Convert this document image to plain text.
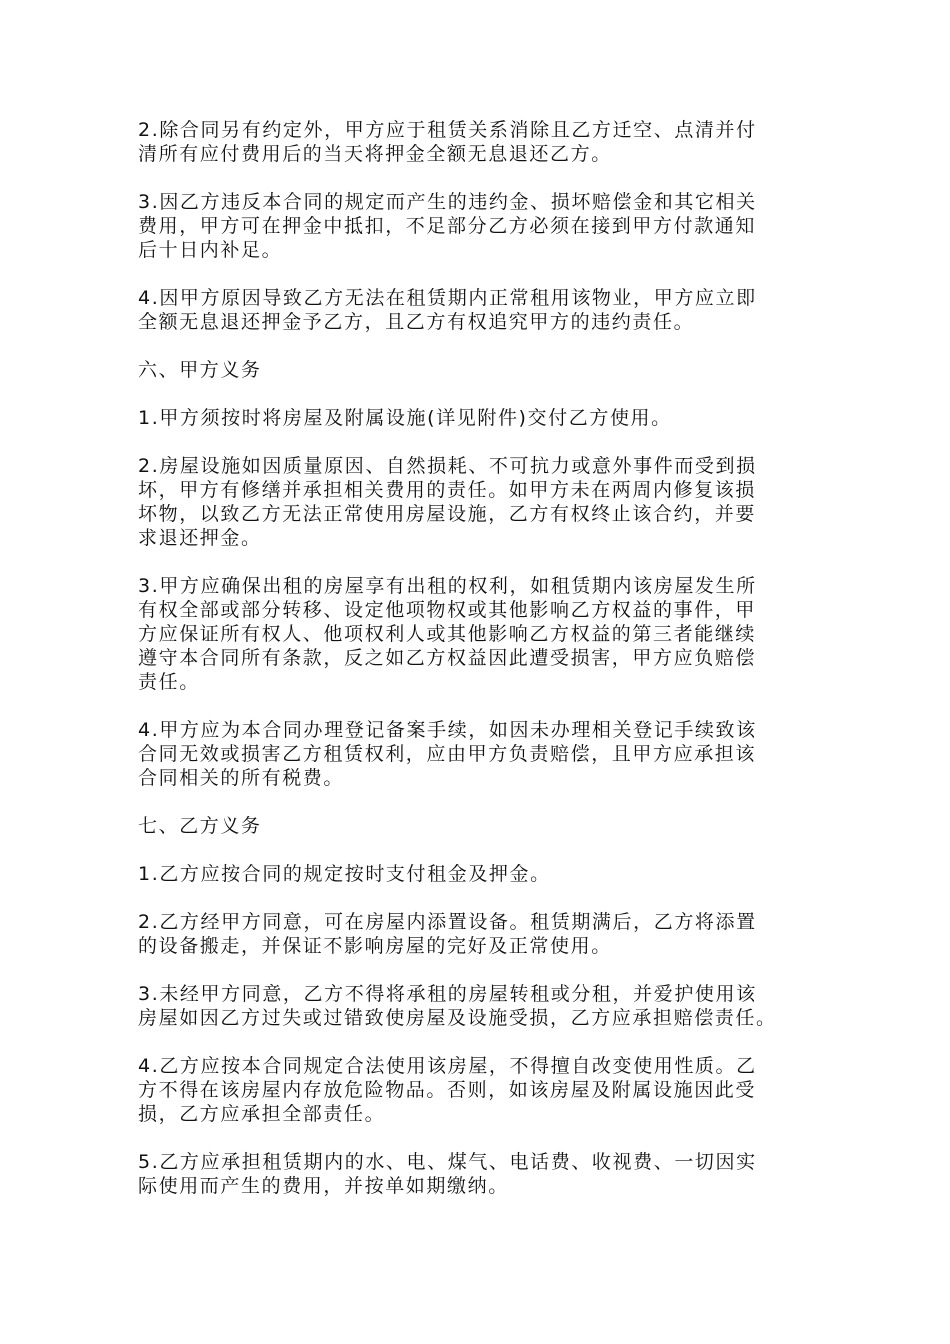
2.除合同另有约定外，甲方应于租赁关系消除且乙方迁空、点清并付
清所有应付费用后的当天将押金全额无息退还乙方。
3.因乙方违反本合同的规定而产生的违约金、损坏赔偿金和其它相关
费用，甲方可在押金中抵扣，不足部分乙方必须在接到甲方付款通知
后十日内补足。
4.因甲方原因导致乙方无法在租赁期内正常租用该物业，甲方应立即
全额无息退还押金予乙方，且乙方有权追究甲方的违约责任。
六、甲方义务
1.甲方须按时将房屋及附属设施(详见附件)交付乙方使用。
2.房屋设施如因质量原因、自然损耗、不可抗力或意外事件而受到损
坏，甲方有修缮并承担相关费用的责任。如甲方未在两周内修复该损
坏物，以致乙方无法正常使用房屋设施，乙方有权终止该合约，并要
求退还押金。
3.甲方应确保出租的房屋享有出租的权利，如租赁期内该房屋发生所
有权全部或部分转移、设定他项物权或其他影响乙方权益的事件，甲
方应保证所有权人、他项权利人或其他影响乙方权益的第三者能继续
遵守本合同所有条款，反之如乙方权益因此遭受损害，甲方应负赔偿
责任。
4.甲方应为本合同办理登记备案手续，如因未办理相关登记手续致该
合同无效或损害乙方租赁权利，应由甲方负责赔偿，且甲方应承担该
合同相关的所有税费。
七、乙方义务
1.乙方应按合同的规定按时支付租金及押金。
2.乙方经甲方同意，可在房屋内添置设备。租赁期满后，乙方将添置
的设备搬走，并保证不影响房屋的完好及正常使用。
3.未经甲方同意，乙方不得将承租的房屋转租或分租，并爱护使用该
房屋如因乙方过失或过错致使房屋及设施受损，乙方应承担赔偿责任。
4.乙方应按本合同规定合法使用该房屋，不得擅自改变使用性质。乙
方不得在该房屋内存放危险物品。否则，如该房屋及附属设施因此受
损，乙方应承担全部责任。
5.乙方应承担租赁期内的水、电、煤气、电话费、收视费、一切因实
际使用而产生的费用，并按单如期缴纳。
